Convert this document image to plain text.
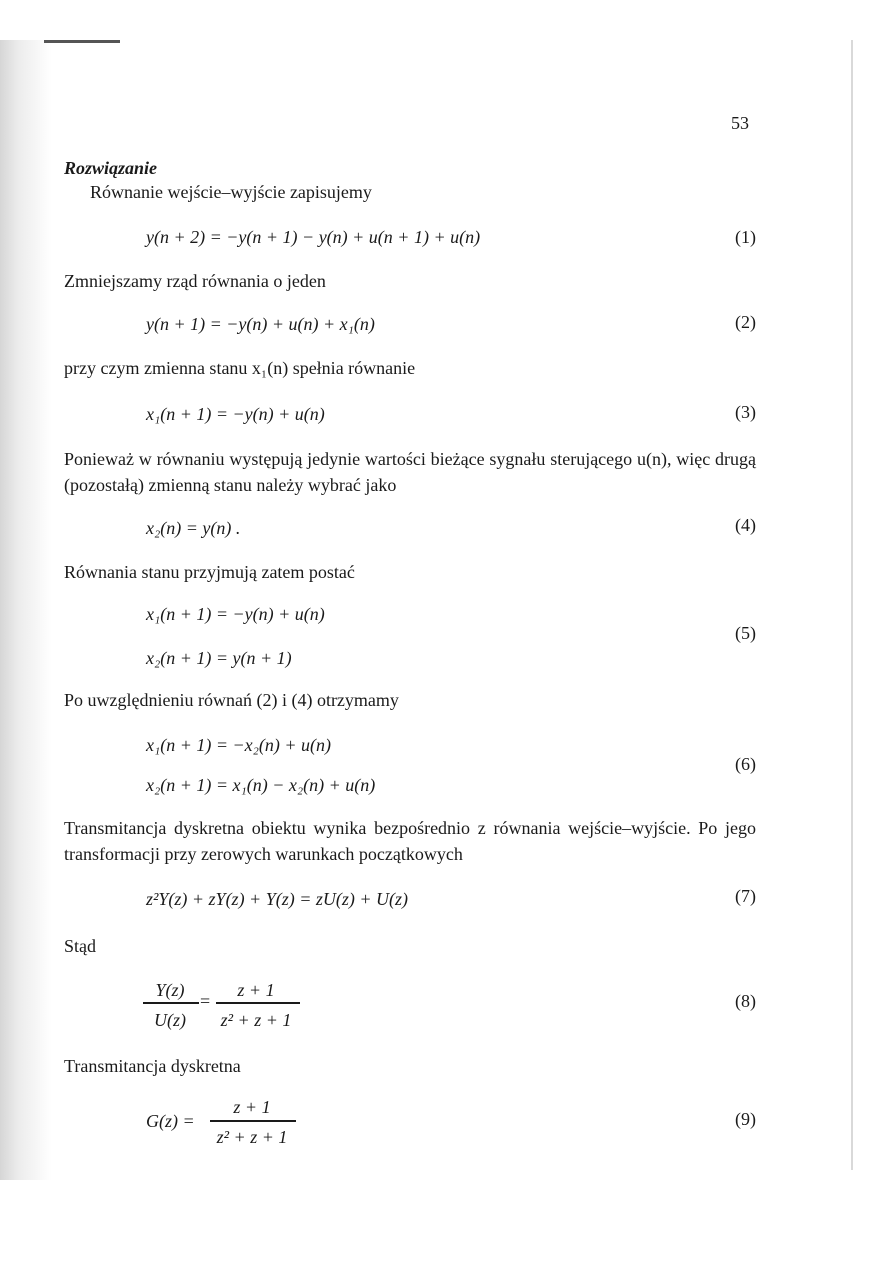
53
Rozwiązanie
Równanie wejście–wyjście zapisujemy
y(n + 2) = −y(n + 1) − y(n) + u(n + 1) + u(n)	(1)
Zmniejszamy rząd równania o jeden
y(n + 1) = −y(n) + u(n) + x₁(n)	(2)
przy czym zmienna stanu x₁(n) spełnia równanie
x₁(n + 1) = −y(n) + u(n)	(3)
Ponieważ w równaniu występują jedynie wartości bieżące sygnału sterującego u(n), więc drugą (pozostałą) zmienną stanu należy wybrać jako
x₂(n) = y(n) .	(4)
Równania stanu przyjmują zatem postać
x₁(n + 1) = −y(n) + u(n)
x₂(n + 1) = y(n + 1)
(5)
Po uwzględnieniu równań (2) i (4) otrzymamy
x₁(n + 1) = −x₂(n) + u(n)
x₂(n + 1) = x₁(n) − x₂(n) + u(n)
(6)
Transmitancja dyskretna obiektu wynika bezpośrednio z równania wejście–wyjście. Po jego transformacji przy zerowych warunkach początkowych
z²Y(z) + zY(z) + Y(z) = zU(z) + U(z)	(7)
Stąd
Y(z)
U(z)
=
z + 1
z² + z + 1
(8)
Transmitancja dyskretna
G(z) =
z + 1
z² + z + 1
(9)
